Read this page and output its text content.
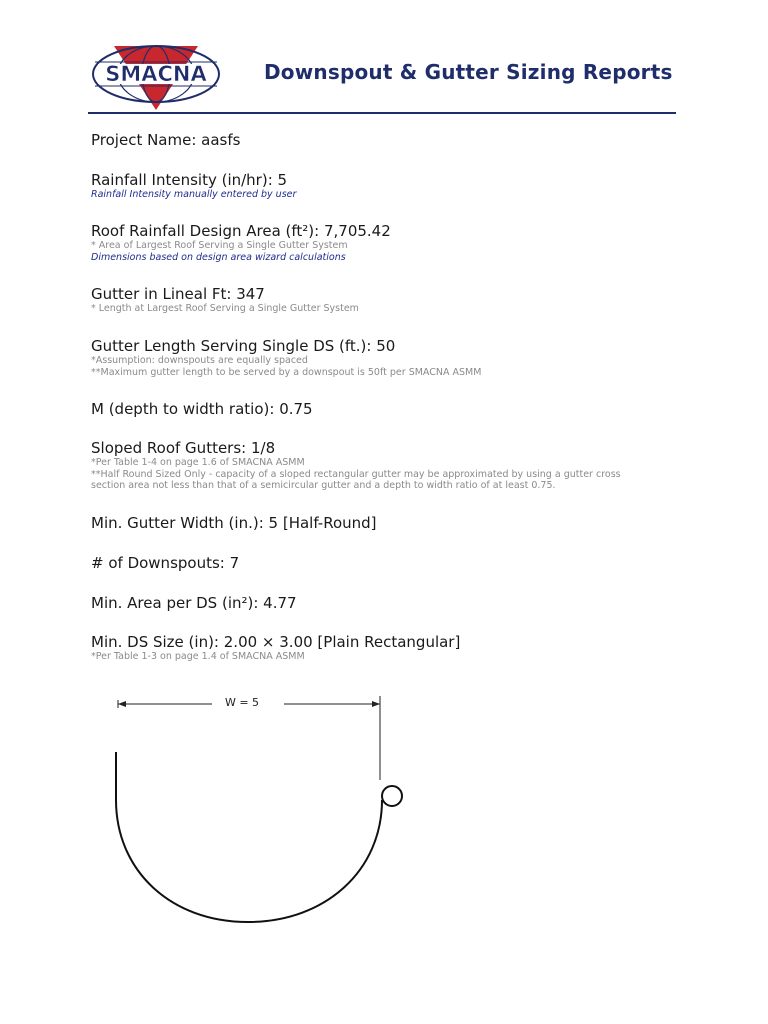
SMACNA	Downspout & Gutter Sizing Reports
Project Name: aasfs
Rainfall Intensity (in/hr): 5
Rainfall Intensity manually entered by user
Roof Rainfall Design Area (ft²): 7,705.42
* Area of Largest Roof Serving a Single Gutter System
Dimensions based on design area wizard calculations
Gutter in Lineal Ft: 347
* Length at Largest Roof Serving a Single Gutter System
Gutter Length Serving Single DS (ft.): 50
*Assumption: downspouts are equally spaced
**Maximum gutter length to be served by a downspout is 50ft per SMACNA ASMM
M (depth to width ratio): 0.75
Sloped Roof Gutters: 1/8
*Per Table 1-4 on page 1.6 of SMACNA ASMM
**Half Round Sized Only - capacity of a sloped rectangular gutter may be approximated by using a gutter cross
section area not less than that of a semicircular gutter and a depth to width ratio of at least 0.75.
Min. Gutter Width (in.): 5 [Half-Round]
# of Downspouts: 7
Min. Area per DS (in²): 4.77
Min. DS Size (in): 2.00 × 3.00 [Plain Rectangular]
*Per Table 1-3 on page 1.4 of SMACNA ASMM
W = 5
